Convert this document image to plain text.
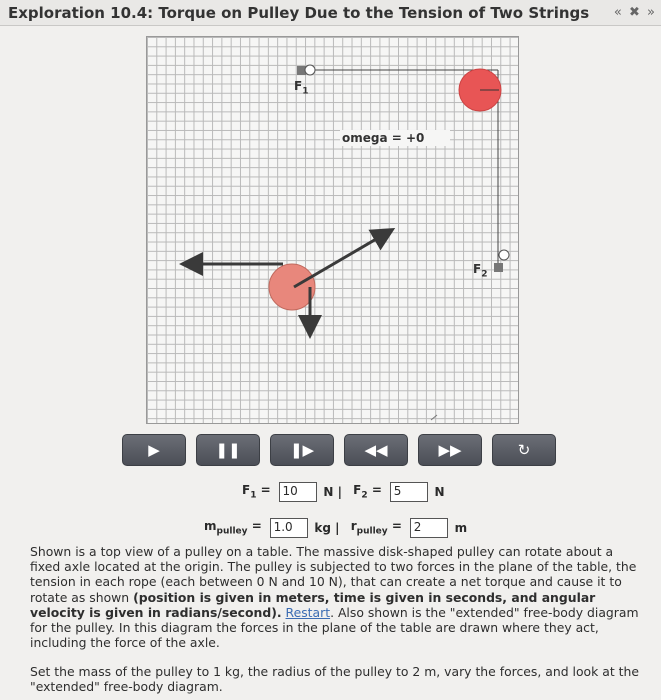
Exploration 10.4: Torque on Pulley Due to the Tension of Two Strings « ✖ »
$F_1$
$F_2$
omega = +0
▶	❚❚	❚▶	◀◀	▶▶	↻
$F_1 = 10$ N | $F_2 = 5$	N
$m_{pulley} = 1.0$ kg | $r_{pulley} = 2$	m
Shown is a top view of a pulley on a table. The massive disk-shaped pulley can rotate about a fixed axle located at the origin. The pulley is subjected to two forces in the plane of the table, the tension in each rope (each between 0 N and 10 N), that can create a net torque and cause it to rotate as shown (position is given in meters, time is given in seconds, and angular velocity is given in radians/second). Restart. Also shown is the "extended" free-body diagram for the pulley. In this diagram the forces in the plane of the table are drawn where they act, including the force of the axle.
Set the mass of the pulley to 1 kg, the radius of the pulley to 2 m, vary the forces, and look at the "extended" free-body diagram.
